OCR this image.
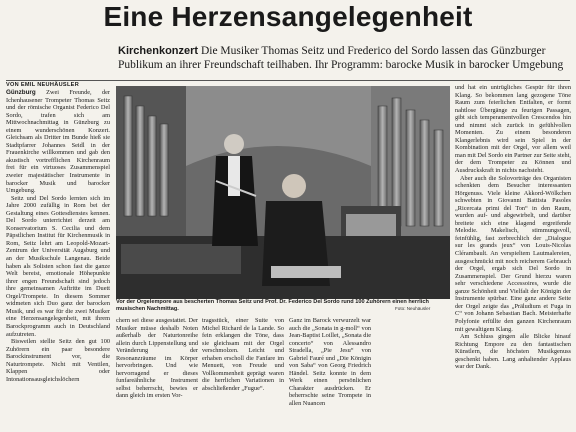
Eine Herzensangelegenheit
Kirchenkonzert Die Musiker Thomas Seitz und Frederico del Sordo lassen das Günzburger Publikum an ihrer Freundschaft teilhaben. Ihr Programm: barocke Musik in barocker Umgebung
VON EMIL NEUHÄUSLER

Günzburg Zwei Freunde, der Ichenhausener Trompeter Thomas Seitz und der römische Organist Federico Del Sordo, trafen sich am Mittwochnachmittag in Günzburg zu einem wunderschönen Konzert. Gleichsam als Dritter im Bunde hieß sie Stadtpfarrer Johannes Seidl in der Frauenkirche willkommen und gab den akustisch vortrefflichen Kirchenraum frei für ein virtuoses Zusammenspiel zweier majestätischer Instrumente in barocker Musik und barocker Umgebung.

Seitz und Del Sordo lernten sich im Jahre 2000 zufällig in Rom bei der Gestaltung eines Gottesdienstes kennen. Del Sordo unterrichtet derzeit am Konservatorium S. Cecilia und dem Päpstlichen Institut für Kirchenmusik in Rom, Seitz lehrt am Leopold-Mozart-Zentrum der Universität Augsburg und an der Musikschule Langenau. Beide haben als Solisten schon fast die ganze Welt bereist, emotionale Höhepunkte ihrer engen Freundschaft sind jedoch ihre gemeinsamen Auftritte im Duett Orgel/Trompete. In diesem Sommer widmeten sich Duo ganz der barocken Musik, und es war für die zwei Musiker eine Herzensangelegenheit, mit ihrem Barockprogramm auch in Deutschland aufzutreten.

Bisweilen stellte Seitz den gut 100 Zuhörern ein paar besondere Barockinstrument vor, die Naturtrompete. Nicht mit Ventilen, Klappen oder Intonationsausgleichslöchern

Vor der Orgelempore aus bescherten Thomas Seitz und Prof. Dr. Federico Del Sordo rund 100 Zuhörern einen herrlich musischen Nachmittag.	Foto: Neuhäusler

chern sei diese ausgestattet. Der Musiker müsse deshalb Noten außerhalb der Naturtonreihe allein durch Lippenstellung und Veränderung der Resonanzräume im Körper hervorbringen. Und wie hervorragend er dieses funfareähnliche Instrument selbst beherrscht, bewies er dann gleich im ersten Vor-

tragsstück, einer Suite von Michel Richard de la Lande. So fein erklangen die Töne, dass sie gleichsam mit der Orgel verschmolzen. Leicht und erhaben erscholl die Fanfare im Menuett, von Freude und Vollkommenheit geprägt waren die herrlichen Variationen in abschließender „Fugue“.

Ganz im Barock verwurzelt war auch die „Sonata in g-moll“ von Jean-Baptist Loillet, „Sonata die concerto“ von Alessandro Stradella, „Pie Jesu“ von Gabriel Fauré und „Die Königin von Saba“ von Georg Friedrich Händel. Seitz konnte in dem Werk einen persönlichen Charakter ausdrücken. Er beherrschte seine Trompete in allen Nuancen

und hat ein untrügliches Gespür für ihren Klang. So bekommen lang gezogene Töne Raum zum feierlichen Entfalten, er formt nahtlose Übergänge zu feurigen Passagen, gibt sich temperamentvollen Crescendos hin und nimmt sich zurück in gefühlvollen Momenten. Zu einem besonderen Klangerlebnis wird sein Spiel in der Kombination mit der Orgel, vor allem weil man mit Del Sordo ein Partner zur Seite steht, der dem Trompeter zu Können und Ausdruckskraft in nichts nachsteht.

Aber auch die Solovorträge des Organisten schenkten dem Besucher interessanten Hörgenuss. Viele kleine Akkord-Wölkchen schwebten in Giovanni Battista Pasoles „Ricercata primi del Ton“ in den Raum, wurden auf- und abgewirbelt, und darüber breitete sich eine klagend ergreifende Melodie. Makelisch, stimmungsvoll, feinfühlig, fast zerbrechlich der „Dialogue sur les grands jeux“ von Louis-Nicolas Clérambault. An verspieltem Lautmalereien, ausgeschmückt mit noch reicherem Gebrauch der Orgel, ergab sich Del Sordo in Zusammenspiel. Der Grund hierzu waren sehr verschiedene Accessoires, wurde die ganze Schönheit und Vielfalt der Königin der Instrumente spürbar. Eine ganz andere Seite der Orgel zeigte das „Präludium et Fuga in C“ von Johann Sebastian Bach. Meisterhafte Polyfonie erfüllte den ganzen Kirchenraum mit gewaltigem Klang.

Am Schluss gingen alle Blicke hinauf Richtung Empore zu den fantastischen Künstlern, die höchsten Musikgenuss geschenkt haben. Lang anhaltender Applaus war der Dank.
